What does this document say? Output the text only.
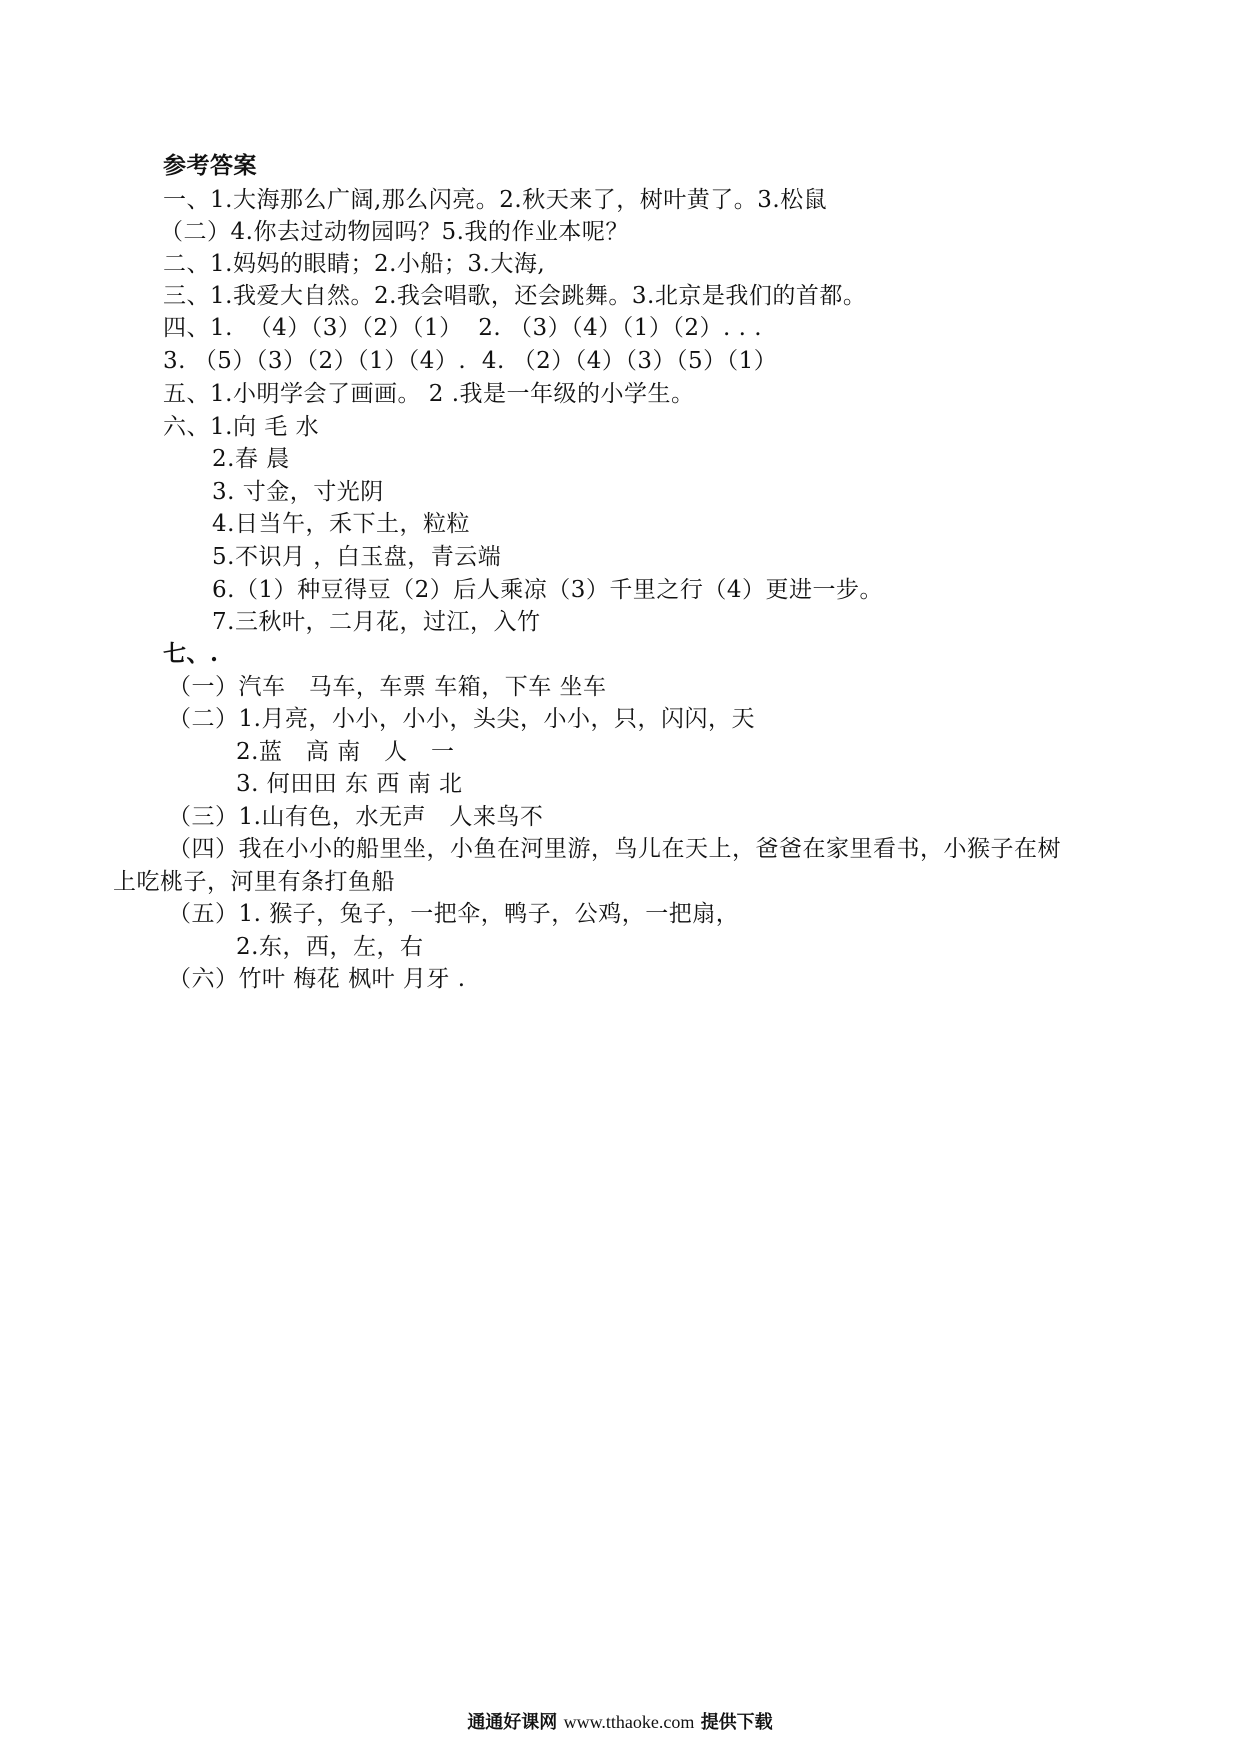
参考答案
一、1.大海那么广阔,那么闪亮。2.秋天来了，树叶黄了。3.松鼠
（二）4.你去过动物园吗？5.我的作业本呢？
二、1.妈妈的眼睛；2.小船；3.大海,
三、1.我爱大自然。2.我会唱歌，还会跳舞。3.北京是我们的首都。
四、1.  （4）（3）（2）（1）  2. （3）（4）（1）（2）. . .
3. （5）（3）（2）（1）（4）.  4. （2）（4）（3）（5）（1）
五、1.小明学会了画画。 2 .我是一年级的小学生。
六、1.向 毛 水
2.春 晨
3. 寸金，寸光阴
4.日当午，禾下土，粒粒
5.不识月 ，白玉盘，青云端
6.（1）种豆得豆（2）后人乘凉（3）千里之行（4）更进一步。
7.三秋叶，二月花，过江，入竹
七、.
（一）汽车   马车，车票 车箱，下车 坐车
（二）1.月亮，小小，小小，头尖，小小，只，闪闪，天
2.蓝   高 南   人   一
3. 何田田 东 西 南 北
（三）1.山有色，水无声   人来鸟不
（四）我在小小的船里坐，小鱼在河里游，鸟儿在天上，爸爸在家里看书，小猴子在树
上吃桃子，河里有条打鱼船
（五）1. 猴子，兔子，一把伞，鸭子，公鸡，一把扇，
2.东，西，左，右
（六）竹叶 梅花 枫叶 月牙 .
通通好课网 www.tthaoke.com 提供下载
